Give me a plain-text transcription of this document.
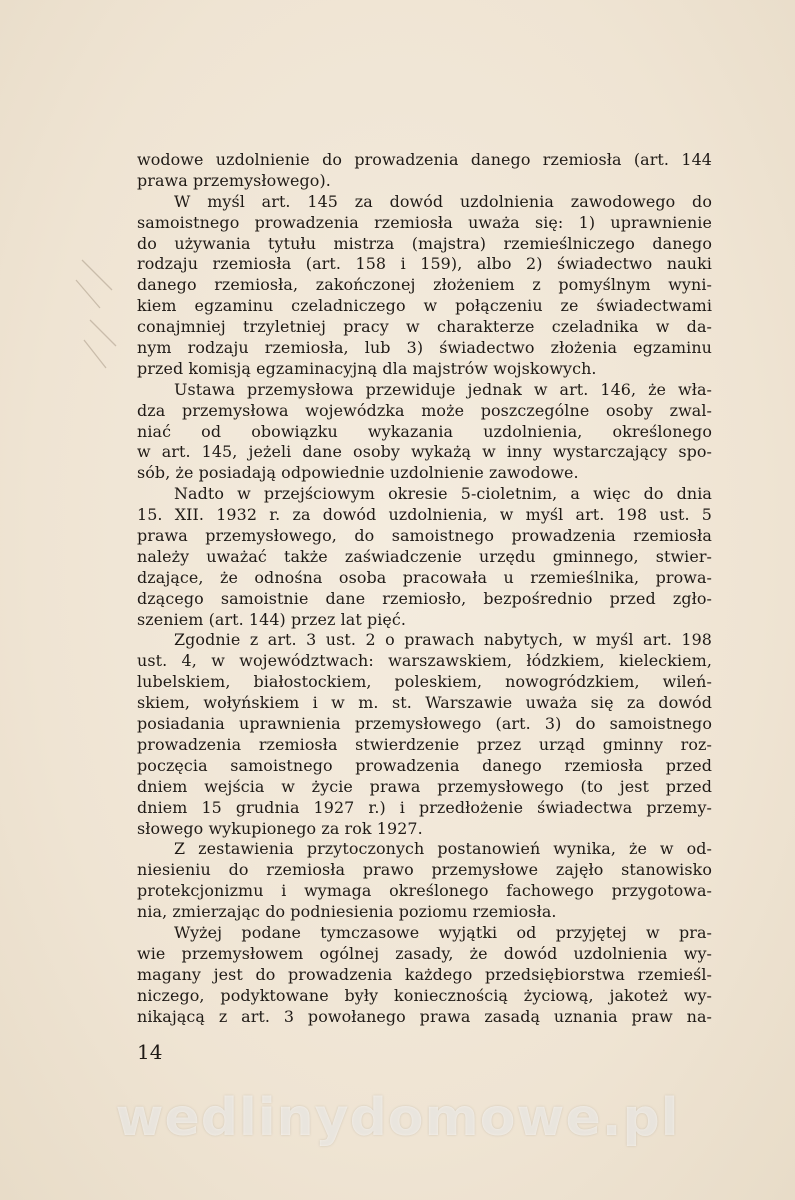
wodowe uzdolnienie do prowadzenia danego rzemiosła (art. 144
prawa przemysłowego).
W myśl art. 145 za dowód uzdolnienia zawodowego do
samoistnego prowadzenia rzemiosła uważa się: 1) uprawnienie
do używania tytułu mistrza (majstra) rzemieślniczego danego
rodzaju rzemiosła (art. 158 i 159), albo 2) świadectwo nauki
danego rzemiosła, zakończonej złożeniem z pomyślnym wyni-
kiem egzaminu czeladniczego w połączeniu ze świadectwami
conajmniej trzyletniej pracy w charakterze czeladnika w da-
nym rodzaju rzemiosła, lub 3) świadectwo złożenia egzaminu
przed komisją egzaminacyjną dla majstrów wojskowych.
Ustawa przemysłowa przewiduje jednak w art. 146, że wła-
dza przemysłowa wojewódzka może poszczególne osoby zwal-
niać od obowiązku wykazania uzdolnienia, określonego
w art. 145, jeżeli dane osoby wykażą w inny wystarczający spo-
sób, że posiadają odpowiednie uzdolnienie zawodowe.
Nadto w przejściowym okresie 5-cioletnim, a więc do dnia
15. XII. 1932 r. za dowód uzdolnienia, w myśl art. 198 ust. 5
prawa przemysłowego, do samoistnego prowadzenia rzemiosła
należy uważać także zaświadczenie urzędu gminnego, stwier-
dzające, że odnośna osoba pracowała u rzemieślnika, prowa-
dzącego samoistnie dane rzemiosło, bezpośrednio przed zgło-
szeniem (art. 144) przez lat pięć.
Zgodnie z art. 3 ust. 2 o prawach nabytych, w myśl art. 198
ust. 4, w województwach: warszawskiem, łódzkiem, kieleckiem,
lubelskiem, białostockiem, poleskiem, nowogródzkiem, wileń-
skiem, wołyńskiem i w m. st. Warszawie uważa się za dowód
posiadania uprawnienia przemysłowego (art. 3) do samoistnego
prowadzenia rzemiosła stwierdzenie przez urząd gminny roz-
poczęcia samoistnego prowadzenia danego rzemiosła przed
dniem wejścia w życie prawa przemysłowego (to jest przed
dniem 15 grudnia 1927 r.) i przedłożenie świadectwa przemy-
słowego wykupionego za rok 1927.
Z zestawienia przytoczonych postanowień wynika, że w od-
niesieniu do rzemiosła prawo przemysłowe zajęło stanowisko
protekcjonizmu i wymaga określonego fachowego przygotowa-
nia, zmierzając do podniesienia poziomu rzemiosła.
Wyżej podane tymczasowe wyjątki od przyjętej w pra-
wie przemysłowem ogólnej zasady, że dowód uzdolnienia wy-
magany jest do prowadzenia każdego przedsiębiorstwa rzemieśl-
niczego, podyktowane były koniecznością życiową, jakoteż wy-
nikającą z art. 3 powołanego prawa zasadą uznania praw na-
14
wedlinydomowe.pl
